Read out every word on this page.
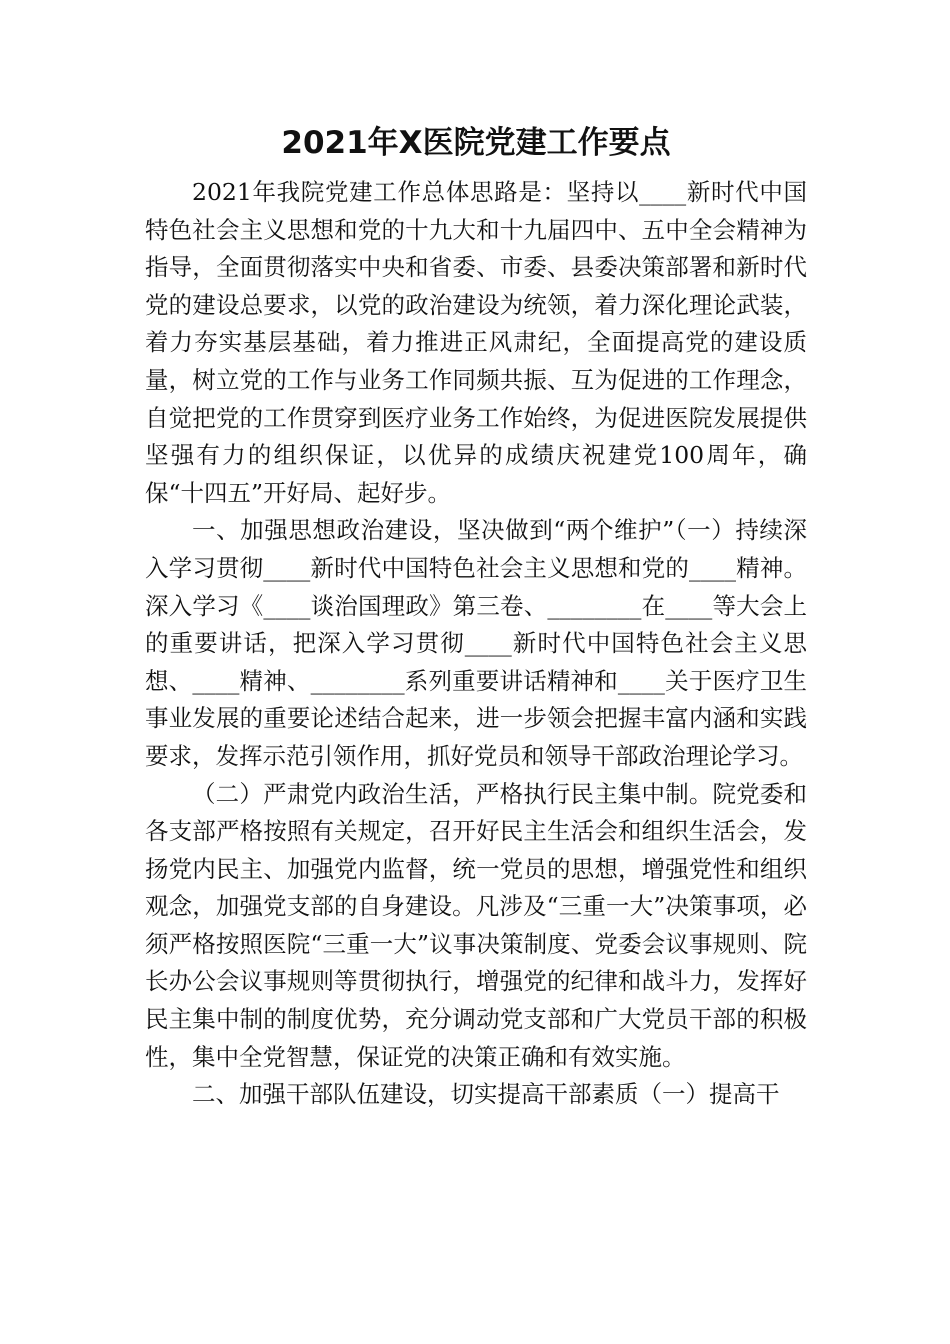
2021年X医院党建工作要点

2021年我院党建工作总体思路是：坚持以____新时代中国特色社会主义思想和党的十九大和十九届四中、五中全会精神为指导，全面贯彻落实中央和省委、市委、县委决策部署和新时代党的建设总要求，以党的政治建设为统领，着力深化理论武装，着力夯实基层基础，着力推进正风肃纪，全面提高党的建设质量，树立党的工作与业务工作同频共振、互为促进的工作理念，自觉把党的工作贯穿到医疗业务工作始终，为促进医院发展提供坚强有力的组织保证，以优异的成绩庆祝建党100周年，确保“十四五”开好局、起好步。

一、加强思想政治建设，坚决做到“两个维护”（一）持续深入学习贯彻____新时代中国特色社会主义思想和党的____精神。深入学习《____谈治国理政》第三卷、________在____等大会上的重要讲话，把深入学习贯彻____新时代中国特色社会主义思想、____精神、________系列重要讲话精神和____关于医疗卫生事业发展的重要论述结合起来，进一步领会把握丰富内涵和实践要求，发挥示范引领作用，抓好党员和领导干部政治理论学习。

（二）严肃党内政治生活，严格执行民主集中制。院党委和各支部严格按照有关规定，召开好民主生活会和组织生活会，发扬党内民主、加强党内监督，统一党员的思想，增强党性和组织观念，加强党支部的自身建设。凡涉及“三重一大”决策事项，必须严格按照医院“三重一大”议事决策制度、党委会议事规则、院长办公会议事规则等贯彻执行，增强党的纪律和战斗力，发挥好民主集中制的制度优势，充分调动党支部和广大党员干部的积极性，集中全党智慧，保证党的决策正确和有效实施。

二、加强干部队伍建设，切实提高干部素质（一）提高干
